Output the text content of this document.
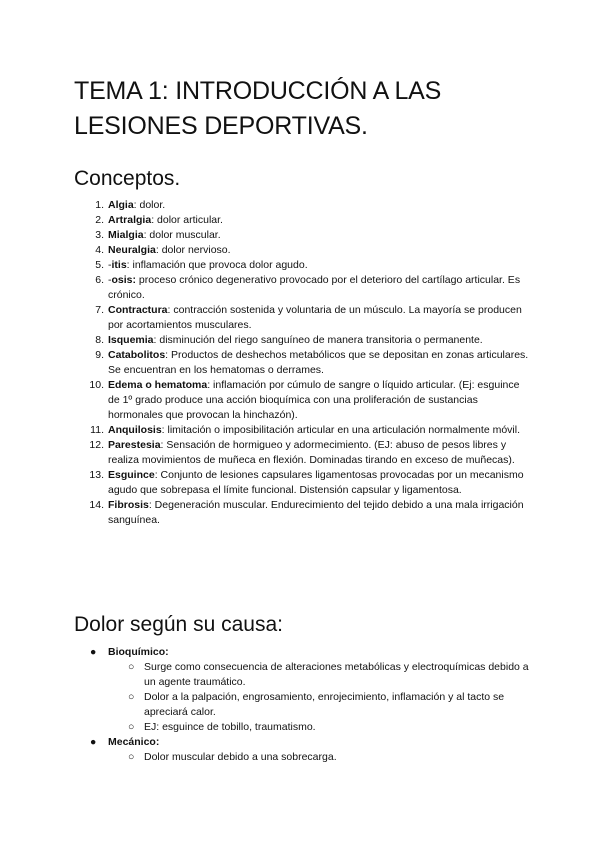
TEMA 1: INTRODUCCIÓN A LAS LESIONES DEPORTIVAS.
Conceptos.
1. Algia: dolor.
2. Artralgia: dolor articular.
3. Mialgia: dolor muscular.
4. Neuralgia: dolor nervioso.
5. -itis: inflamación que provoca dolor agudo.
6. -osis: proceso crónico degenerativo provocado por el deterioro del cartílago articular. Es crónico.
7. Contractura: contracción sostenida y voluntaria de un músculo. La mayoría se producen por acortamientos musculares.
8. Isquemia: disminución del riego sanguíneo de manera transitoria o permanente.
9. Catabolitos: Productos de deshechos metabólicos que se depositan en zonas articulares. Se encuentran en los hematomas o derrames.
10. Edema o hematoma: inflamación por cúmulo de sangre o líquido articular. (Ej: esguince de 1º grado produce una acción bioquímica con una proliferación de sustancias hormonales que provocan la hinchazón).
11. Anquilosis: limitación o imposibilitación articular en una articulación normalmente móvil.
12. Parestesia: Sensación de hormigueo y adormecimiento. (EJ: abuso de pesos libres y realiza movimientos de muñeca en flexión. Dominadas tirando en exceso de muñecas).
13. Esguince: Conjunto de lesiones capsulares ligamentosas provocadas por un mecanismo agudo que sobrepasa el límite funcional. Distensión capsular y ligamentosa.
14. Fibrosis: Degeneración muscular. Endurecimiento del tejido debido a una mala irrigación sanguínea.
Dolor según su causa:
● Bioquímico:
○ Surge como consecuencia de alteraciones metabólicas y electroquímicas debido a un agente traumático.
○ Dolor a la palpación, engrosamiento, enrojecimiento, inflamación y al tacto se apreciará calor.
○ EJ: esguince de tobillo, traumatismo.
● Mecánico:
○ Dolor muscular debido a una sobrecarga.
